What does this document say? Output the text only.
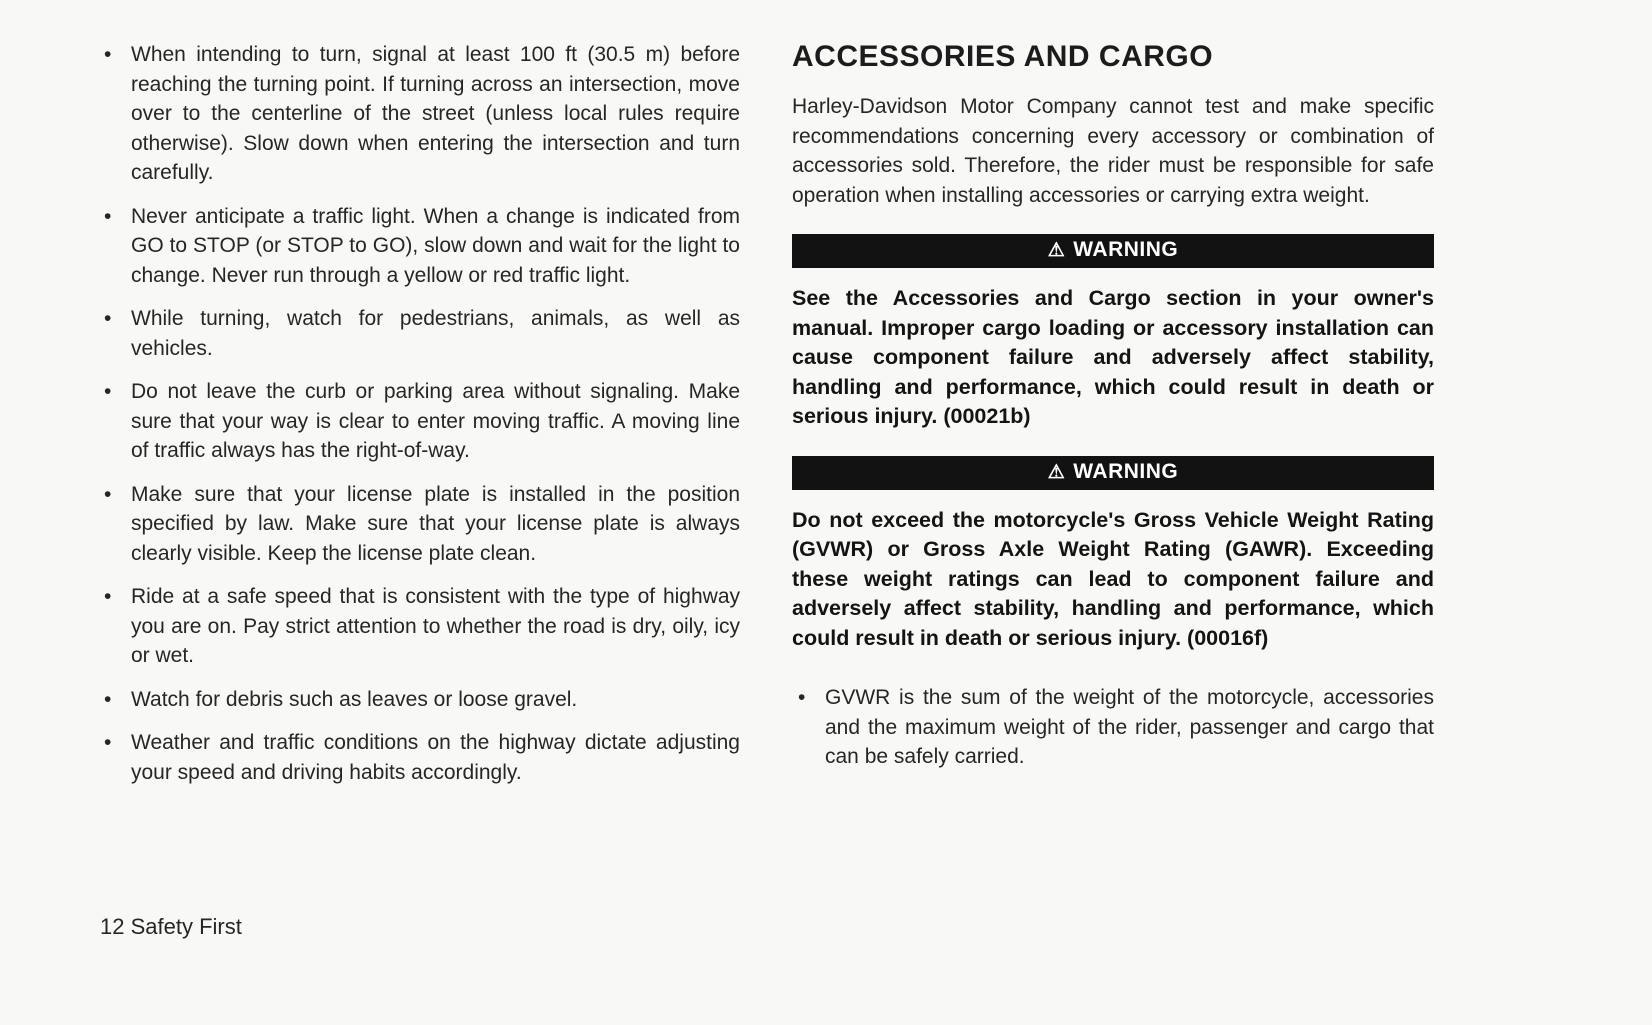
• When intending to turn, signal at least 100 ft (30.5 m) before reaching the turning point. If turning across an intersection, move over to the centerline of the street (unless local rules require otherwise). Slow down when entering the intersection and turn carefully.
• Never anticipate a traffic light. When a change is indicated from GO to STOP (or STOP to GO), slow down and wait for the light to change. Never run through a yellow or red traffic light.
• While turning, watch for pedestrians, animals, as well as vehicles.
• Do not leave the curb or parking area without signaling. Make sure that your way is clear to enter moving traffic. A moving line of traffic always has the right-of-way.
• Make sure that your license plate is installed in the position specified by law. Make sure that your license plate is always clearly visible. Keep the license plate clean.
• Ride at a safe speed that is consistent with the type of highway you are on. Pay strict attention to whether the road is dry, oily, icy or wet.
• Watch for debris such as leaves or loose gravel.
• Weather and traffic conditions on the highway dictate adjusting your speed and driving habits accordingly.
ACCESSORIES AND CARGO

Harley-Davidson Motor Company cannot test and make specific recommendations concerning every accessory or combination of accessories sold. Therefore, the rider must be responsible for safe operation when installing accessories or carrying extra weight.

⚠ WARNING

See the Accessories and Cargo section in your owner's manual. Improper cargo loading or accessory installation can cause component failure and adversely affect stability, handling and performance, which could result in death or serious injury. (00021b)

⚠ WARNING

Do not exceed the motorcycle's Gross Vehicle Weight Rating (GVWR) or Gross Axle Weight Rating (GAWR). Exceeding these weight ratings can lead to component failure and adversely affect stability, handling and performance, which could result in death or serious injury. (00016f)

• GVWR is the sum of the weight of the motorcycle, accessories and the maximum weight of the rider, passenger and cargo that can be safely carried.
12 Safety First
